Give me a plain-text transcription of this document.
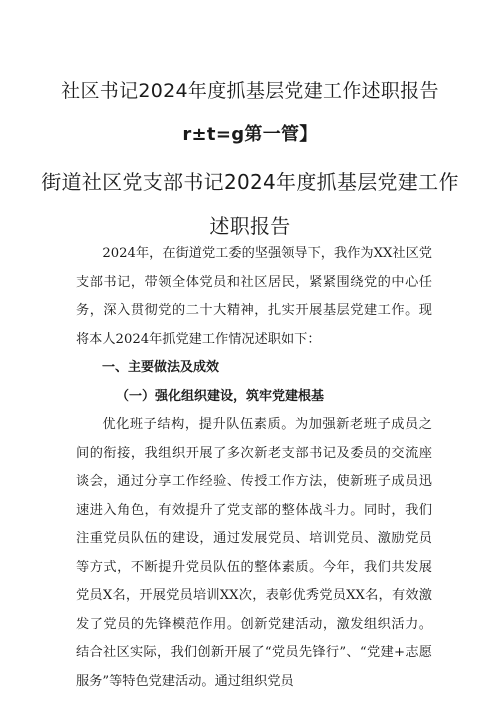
社区书记2024年度抓基层党建工作述职报告
r±t=g第一管】
街道社区党支部书记2024年度抓基层党建工作
述职报告

2024年，在街道党工委的坚强领导下，我作为XX社区党支部书记，带领全体党员和社区居民，紧紧围绕党的中心任务，深入贯彻党的二十大精神，扎实开展基层党建工作。现将本人2024年抓党建工作情况述职如下：

一、主要做法及成效
（一）强化组织建设，筑牢党建根基

优化班子结构，提升队伍素质。为加强新老班子成员之间的衔接，我组织开展了多次新老支部书记及委员的交流座谈会，通过分享工作经验、传授工作方法，使新班子成员迅速进入角色，有效提升了党支部的整体战斗力。同时，我们注重党员队伍的建设，通过发展党员、培训党员、激励党员等方式，不断提升党员队伍的整体素质。今年，我们共发展党员X名，开展党员培训XX次，表彰优秀党员XX名，有效激发了党员的先锋模范作用。创新党建活动，激发组织活力。结合社区实际，我们创新开展了“党员先锋行”、“党建+志愿服务”等特色党建活动。通过组织党员
